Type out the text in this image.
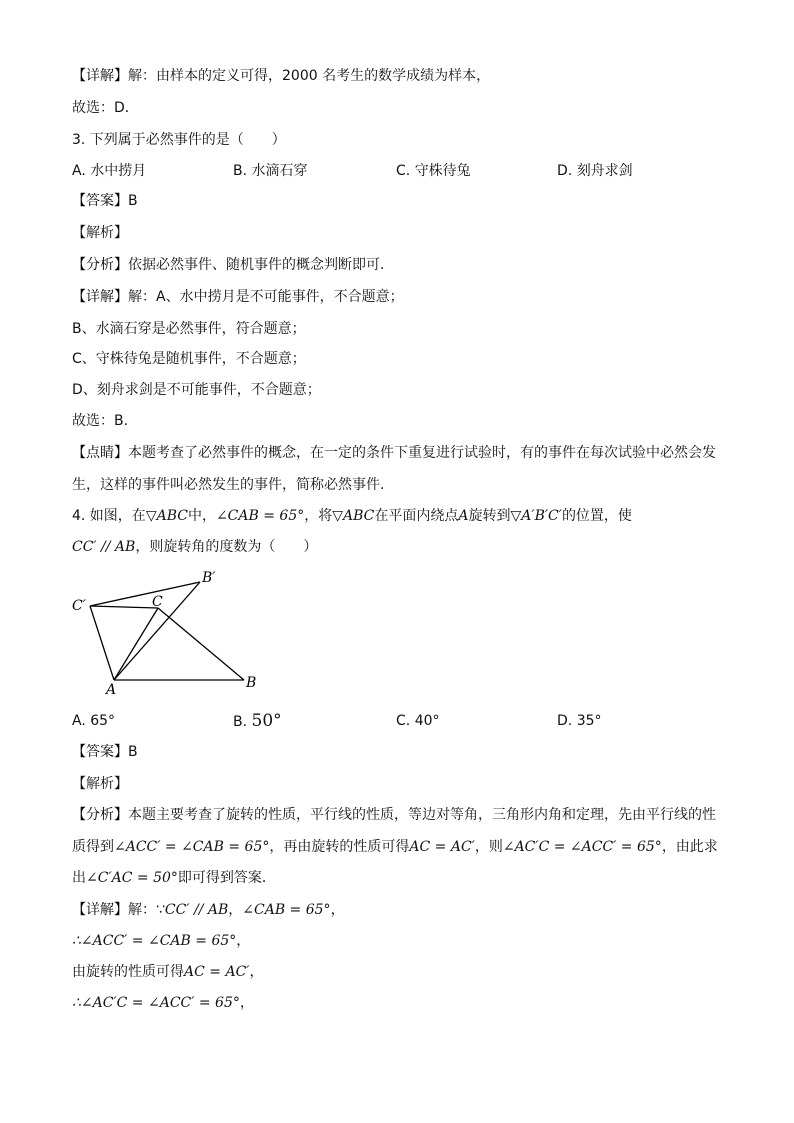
【详解】解：由样本的定义可得，2000 名考生的数学成绩为样本，
故选：D．
3. 下列属于必然事件的是（　　）
A. 水中捞月	B. 水滴石穿	C. 守株待兔	D. 刻舟求剑
【答案】B
【解析】
【分析】依据必然事件、随机事件的概念判断即可.
【详解】解：A、水中捞月是不可能事件，不合题意；
B、水滴石穿是必然事件，符合题意；
C、守株待兔是随机事件，不合题意；
D、刻舟求剑是不可能事件，不合题意；
故选：B.
【点睛】本题考查了必然事件的概念，在一定的条件下重复进行试验时，有的事件在每次试验中必然会发
生，这样的事件叫必然发生的事件，简称必然事件.
4. 如图，在▽ABC中，∠CAB = 65°，将▽ABC在平面内绕点A旋转到▽A′B′C′的位置，使
CC′ // AB，则旋转角的度数为（　　）
A	B
C
C′
B′
A. 65°	B. 50°	C. 40°	D. 35°
【答案】B
【解析】
【分析】本题主要考查了旋转的性质，平行线的性质，等边对等角，三角形内角和定理，先由平行线的性
质得到∠ACC′ = ∠CAB = 65°，再由旋转的性质可得AC = AC′，则∠AC′C = ∠ACC′ = 65°，由此求
出∠C′AC = 50°即可得到答案．
【详解】解：∵CC′ // AB，∠CAB = 65°，
∴∠ACC′ = ∠CAB = 65°，
由旋转的性质可得AC = AC′，
∴∠AC′C = ∠ACC′ = 65°，
